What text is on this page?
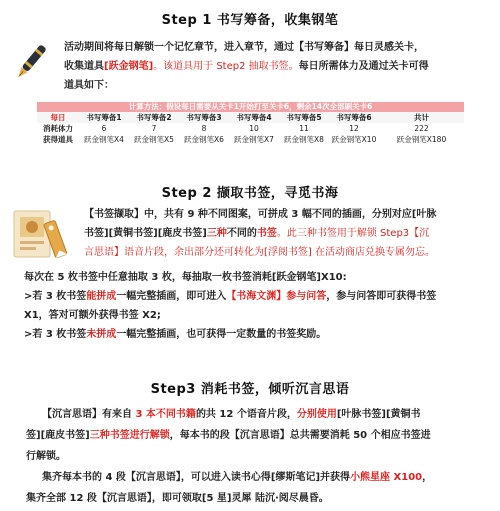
Step 1 书写筹备，收集钢笔
活动期间将每日解锁一个记忆章节，进入章节，通过【书写筹备】每日灵感关卡，
收集道具[跃金钢笔]。该道具用于 Step2 抽取书签。每日所需体力及通过关卡可得
道具如下：
计算方法：假设每日需要从关卡1开始打至关卡6，剩余14次全部刷关卡6
每日	书写筹备1	书写筹备2	书写筹备3	书写筹备4	书写筹备5	书写筹备6	共计
消耗体力	6	7	8	10	11	12	222
获得道具	跃金钢笔X4	跃金钢笔X5	跃金钢笔X6	跃金钢笔X7	跃金钢笔X8	跃金钢笔X10	跃金钢笔X180
Step 2 撷取书签，寻觅书海
【书签撷取】中，共有 9 种不同图案，可拼成 3 幅不同的插画，分别对应[叶脉
书签][黄铜书签][鹿皮书签]三种不同的书签。此三种书签用于解锁 Step3【沉
言思语】语音片段，余出部分还可转化为[浮阅书签] 在活动商店兑换专属勿忘。
每次在 5 枚书签中任意抽取 3 枚，每抽取一枚书签消耗[跃金钢笔]X10:
>若 3 枚书签能拼成一幅完整插画，即可进入【书海文渊】参与问答，参与问答即可获得书签
X1，答对可额外获得书签 X2;
>若 3 枚书签未拼成一幅完整插画，也可获得一定数量的书签奖励。
Step3 消耗书签，倾听沉言思语
【沉言思语】有来自 3 本不同书籍的共 12 个语音片段，分别使用[叶脉书签][黄铜书
签][鹿皮书签]三种书签进行解锁，每本书的段【沉言思语】总共需要消耗 50 个相应书签进
行解锁。
集齐每本书的 4 段【沉言思语】，可以进入读书心得[缪斯笔记]并获得小熊星座 X100，
集齐全部 12 段【沉言思语】，即可领取[5 星]灵犀 陆沉·阅尽晨昏。
